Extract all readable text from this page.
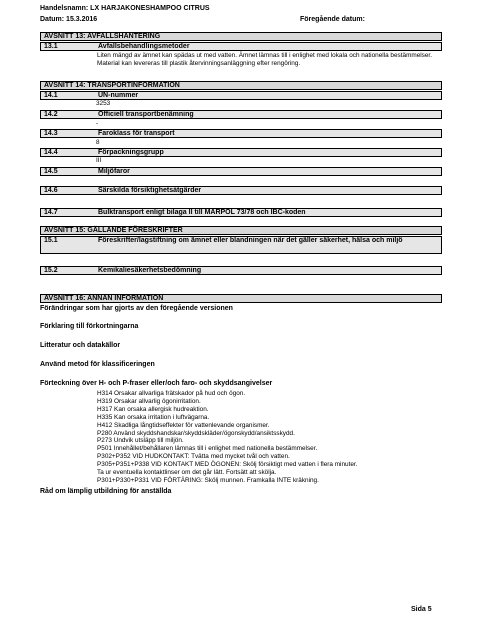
Handelsnamn: LX HARJAKONESHAMPOO CITRUS
Datum: 15.3.2016	Föregående datum:
AVSNITT 13: AVFALLSHANTERING
13.1	Avfallsbehandlingsmetoder
Liten mängd av ämnet kan spädas ut med vatten. Ämnet lämnas till i enlighet med lokala och nationella bestämmelser. Material kan levereras till plastik återvinningsanläggning efter rengöring.
AVSNITT 14: TRANSPORTINFORMATION
14.1	UN-nummer
3253
14.2	Officiell transportbenämning
-
14.3	Faroklass för transport
8
14.4	Förpackningsgrupp
III
14.5	Miljöfaror
14.6	Särskilda försiktighetsåtgärder
14.7	Bulktransport enligt bilaga II till MARPOL 73/78 och IBC-koden
AVSNITT 15: GÄLLANDE FÖRESKRIFTER
15.1	Föreskrifter/lagstiftning om ämnet eller blandningen när det gäller säkerhet, hälsa och miljö
15.2	Kemikaliesäkerhetsbedömning
AVSNITT 16: ANNAN INFORMATION
Förändringar som har gjorts av den föregående versionen
Förklaring till förkortningarna
Litteratur och datakällor
Använd metod för klassificeringen
Förteckning över H- och P-fraser eller/och faro- och skyddsangivelser
H314 Orsakar allvarliga frätskador på hud och ögon.
H319 Orsakar allvarlig ögonirritation.
H317 Kan orsaka allergisk hudreaktion.
H335 Kan orsaka irritation i luftvägarna.
H412 Skadliga långtidseffekter för vattenlevande organismer.
P280 Använd skyddshandskar/skyddskläder/ögonskydd/ansiktsskydd.
P273 Undvik utsläpp till miljön.
P501 Innehållet/behållaren lämnas till i enlighet med nationella bestämmelser.
P302+P352 VID HUDKONTAKT: Tvätta med mycket tvål och vatten.
P305+P351+P338 VID KONTAKT MED ÖGONEN: Skölj försiktigt med vatten i flera minuter.
Ta ur eventuella kontaktlinser om det går lätt. Fortsätt att skölja.
P301+P330+P331 VID FÖRTÄRING: Skölj munnen. Framkalla INTE kräkning.
Råd om lämplig utbildning för anställda
Sida 5
